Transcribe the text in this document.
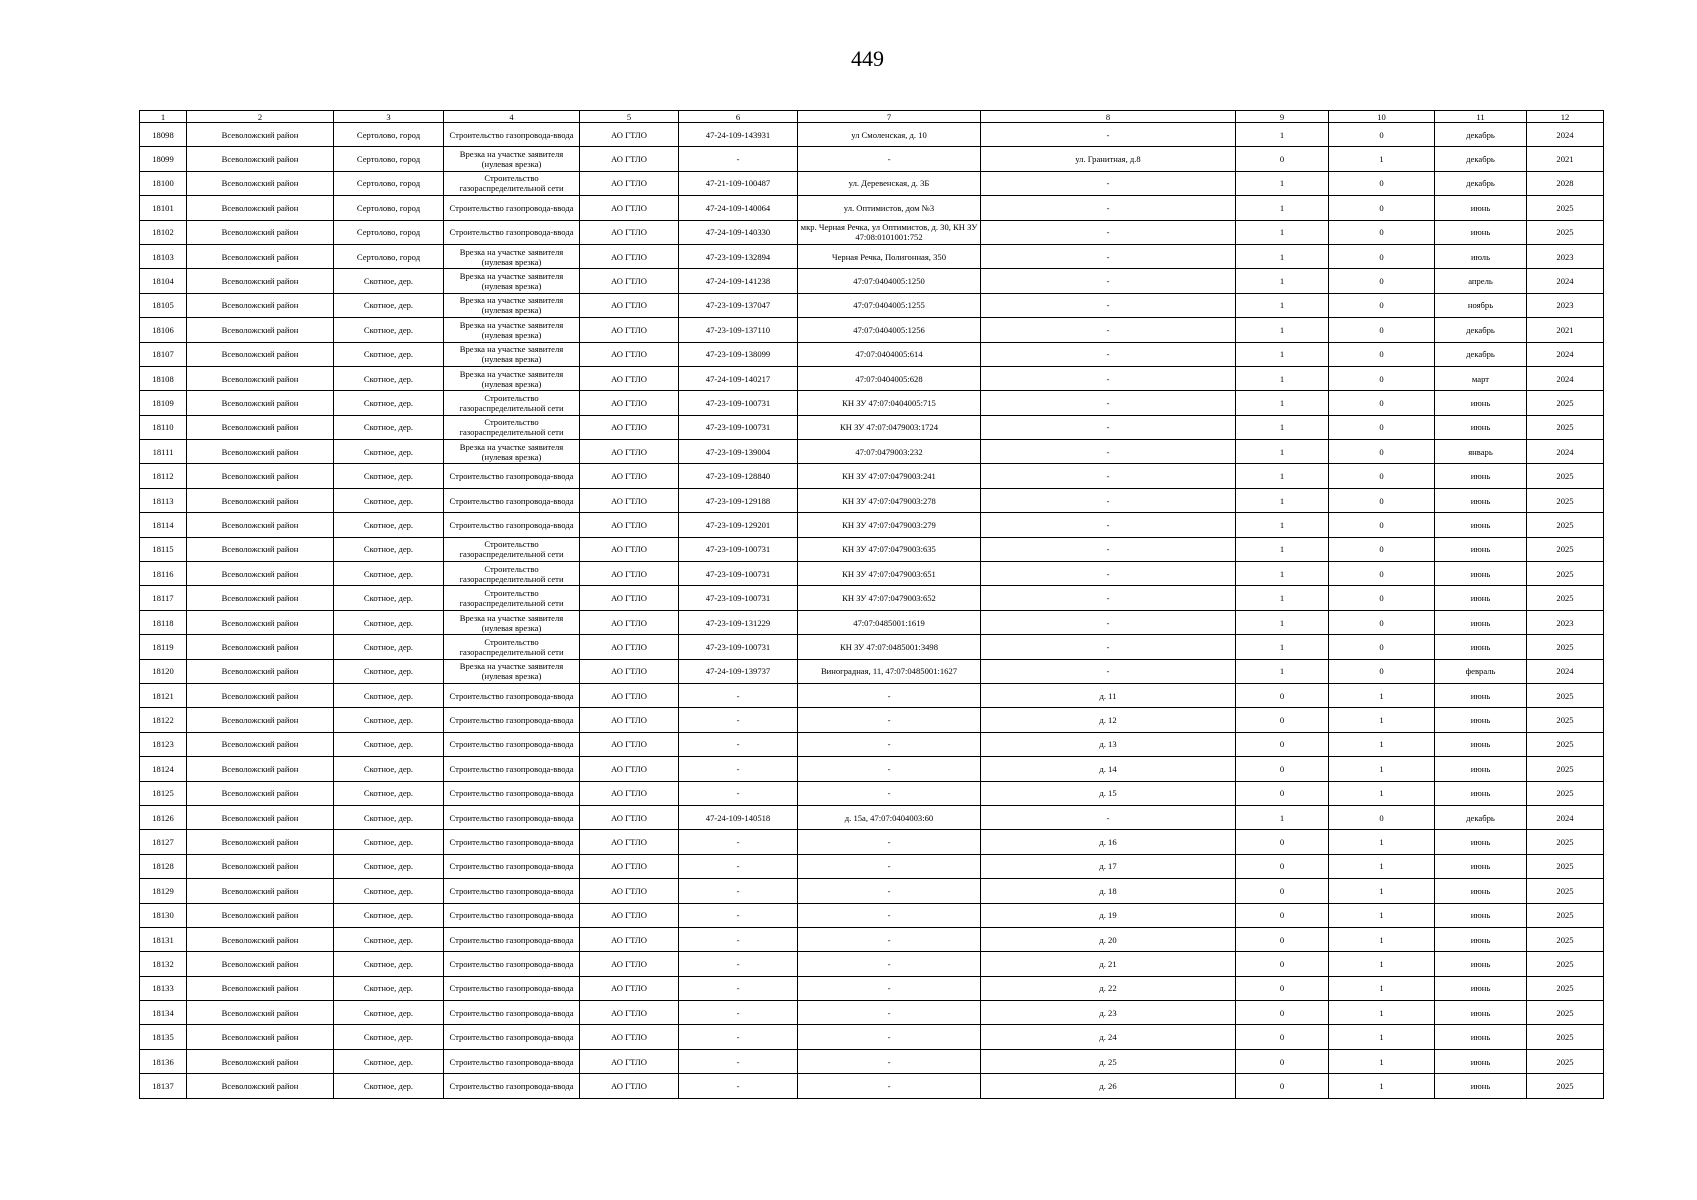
449
1	2	3	4	5	6	7	8	9	10	11	12
18098	Всеволожский район	Сертолово, город	Строительство газопровода-ввода	АО ГТЛО	47-24-109-143931	ул Смоленская, д. 10	-	1	0	декабрь	2024
18099	Всеволожский район	Сертолово, город	Врезка на участке заявителя (нулевая врезка)	АО ГТЛО	-	-	ул. Гранитная, д.8	0	1	декабрь	2021
18100	Всеволожский район	Сертолово, город	Строительство газораспределительной сети	АО ГТЛО	47-21-109-100487	ул. Деревенская, д. 3Б	-	1	0	декабрь	2028
18101	Всеволожский район	Сертолово, город	Строительство газопровода-ввода	АО ГТЛО	47-24-109-140064	ул. Оптимистов, дом №3	-	1	0	июнь	2025
18102	Всеволожский район	Сертолово, город	Строительство газопровода-ввода	АО ГТЛО	47-24-109-140330	мкр. Черная Речка, ул Оптимистов, д. 30, КН ЗУ 47:08:0101001:752	-	1	0	июнь	2025
18103	Всеволожский район	Сертолово, город	Врезка на участке заявителя (нулевая врезка)	АО ГТЛО	47-23-109-132894	Черная Речка, Полигонная, 350	-	1	0	июль	2023
18104	Всеволожский район	Скотное, дер.	Врезка на участке заявителя (нулевая врезка)	АО ГТЛО	47-24-109-141238	47:07:0404005:1250	-	1	0	апрель	2024
18105	Всеволожский район	Скотное, дер.	Врезка на участке заявителя (нулевая врезка)	АО ГТЛО	47-23-109-137047	47:07:0404005:1255	-	1	0	ноябрь	2023
18106	Всеволожский район	Скотное, дер.	Врезка на участке заявителя (нулевая врезка)	АО ГТЛО	47-23-109-137110	47:07:0404005:1256	-	1	0	декабрь	2021
18107	Всеволожский район	Скотное, дер.	Врезка на участке заявителя (нулевая врезка)	АО ГТЛО	47-23-109-138099	47:07:0404005:614	-	1	0	декабрь	2024
18108	Всеволожский район	Скотное, дер.	Врезка на участке заявителя (нулевая врезка)	АО ГТЛО	47-24-109-140217	47:07:0404005:628	-	1	0	март	2024
18109	Всеволожский район	Скотное, дер.	Строительство газораспределительной сети	АО ГТЛО	47-23-109-100731	КН ЗУ 47:07:0404005:715	-	1	0	июнь	2025
18110	Всеволожский район	Скотное, дер.	Строительство газораспределительной сети	АО ГТЛО	47-23-109-100731	КН ЗУ 47:07:0479003:1724	-	1	0	июнь	2025
18111	Всеволожский район	Скотное, дер.	Врезка на участке заявителя (нулевая врезка)	АО ГТЛО	47-23-109-139004	47:07:0479003:232	-	1	0	январь	2024
18112	Всеволожский район	Скотное, дер.	Строительство газопровода-ввода	АО ГТЛО	47-23-109-128840	КН ЗУ 47:07:0479003:241	-	1	0	июнь	2025
18113	Всеволожский район	Скотное, дер.	Строительство газопровода-ввода	АО ГТЛО	47-23-109-129188	КН ЗУ 47:07:0479003:278	-	1	0	июнь	2025
18114	Всеволожский район	Скотное, дер.	Строительство газопровода-ввода	АО ГТЛО	47-23-109-129201	КН ЗУ 47:07:0479003:279	-	1	0	июнь	2025
18115	Всеволожский район	Скотное, дер.	Строительство газораспределительной сети	АО ГТЛО	47-23-109-100731	КН ЗУ 47:07:0479003:635	-	1	0	июнь	2025
18116	Всеволожский район	Скотное, дер.	Строительство газораспределительной сети	АО ГТЛО	47-23-109-100731	КН ЗУ 47:07:0479003:651	-	1	0	июнь	2025
18117	Всеволожский район	Скотное, дер.	Строительство газораспределительной сети	АО ГТЛО	47-23-109-100731	КН ЗУ 47:07:0479003:652	-	1	0	июнь	2025
18118	Всеволожский район	Скотное, дер.	Врезка на участке заявителя (нулевая врезка)	АО ГТЛО	47-23-109-131229	47:07:0485001:1619	-	1	0	июнь	2023
18119	Всеволожский район	Скотное, дер.	Строительство газораспределительной сети	АО ГТЛО	47-23-109-100731	КН ЗУ 47:07:0485001:3498	-	1	0	июнь	2025
18120	Всеволожский район	Скотное, дер.	Врезка на участке заявителя (нулевая врезка)	АО ГТЛО	47-24-109-139737	Виноградная, 11, 47:07:0485001:1627	-	1	0	февраль	2024
18121	Всеволожский район	Скотное, дер.	Строительство газопровода-ввода	АО ГТЛО	-	-	д. 11	0	1	июнь	2025
18122	Всеволожский район	Скотное, дер.	Строительство газопровода-ввода	АО ГТЛО	-	-	д. 12	0	1	июнь	2025
18123	Всеволожский район	Скотное, дер.	Строительство газопровода-ввода	АО ГТЛО	-	-	д. 13	0	1	июнь	2025
18124	Всеволожский район	Скотное, дер.	Строительство газопровода-ввода	АО ГТЛО	-	-	д. 14	0	1	июнь	2025
18125	Всеволожский район	Скотное, дер.	Строительство газопровода-ввода	АО ГТЛО	-	-	д. 15	0	1	июнь	2025
18126	Всеволожский район	Скотное, дер.	Строительство газопровода-ввода	АО ГТЛО	47-24-109-140518	д. 15а, 47:07:0404003:60	-	1	0	декабрь	2024
18127	Всеволожский район	Скотное, дер.	Строительство газопровода-ввода	АО ГТЛО	-	-	д. 16	0	1	июнь	2025
18128	Всеволожский район	Скотное, дер.	Строительство газопровода-ввода	АО ГТЛО	-	-	д. 17	0	1	июнь	2025
18129	Всеволожский район	Скотное, дер.	Строительство газопровода-ввода	АО ГТЛО	-	-	д. 18	0	1	июнь	2025
18130	Всеволожский район	Скотное, дер.	Строительство газопровода-ввода	АО ГТЛО	-	-	д. 19	0	1	июнь	2025
18131	Всеволожский район	Скотное, дер.	Строительство газопровода-ввода	АО ГТЛО	-	-	д. 20	0	1	июнь	2025
18132	Всеволожский район	Скотное, дер.	Строительство газопровода-ввода	АО ГТЛО	-	-	д. 21	0	1	июнь	2025
18133	Всеволожский район	Скотное, дер.	Строительство газопровода-ввода	АО ГТЛО	-	-	д. 22	0	1	июнь	2025
18134	Всеволожский район	Скотное, дер.	Строительство газопровода-ввода	АО ГТЛО	-	-	д. 23	0	1	июнь	2025
18135	Всеволожский район	Скотное, дер.	Строительство газопровода-ввода	АО ГТЛО	-	-	д. 24	0	1	июнь	2025
18136	Всеволожский район	Скотное, дер.	Строительство газопровода-ввода	АО ГТЛО	-	-	д. 25	0	1	июнь	2025
18137	Всеволожский район	Скотное, дер.	Строительство газопровода-ввода	АО ГТЛО	-	-	д. 26	0	1	июнь	2025
